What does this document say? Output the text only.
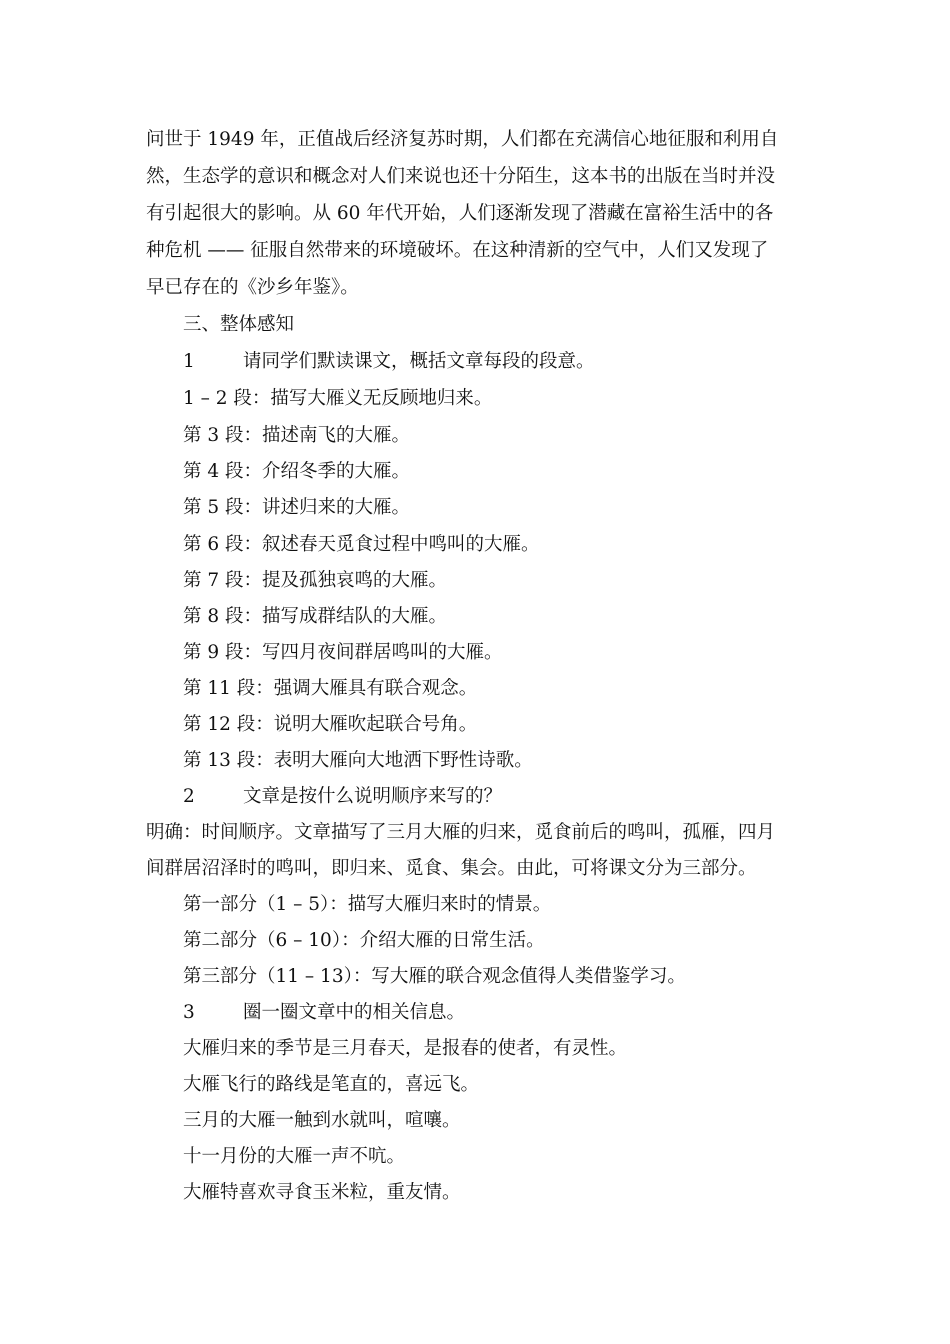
问世于 1949 年，正值战后经济复苏时期，人们都在充满信心地征服和利用自
然，生态学的意识和概念对人们来说也还十分陌生，这本书的出版在当时并没
有引起很大的影响。从 60 年代开始，人们逐渐发现了潜藏在富裕生活中的各
种危机 —— 征服自然带来的环境破坏。在这种清新的空气中，人们又发现了
早已存在的《沙乡年鉴》。
三、整体感知
1	请同学们默读课文，概括文章每段的段意。
1 – 2 段：描写大雁义无反顾地归来。
第 3 段：描述南飞的大雁。
第 4 段：介绍冬季的大雁。
第 5 段：讲述归来的大雁。
第 6 段：叙述春天觅食过程中鸣叫的大雁。
第 7 段：提及孤独哀鸣的大雁。
第 8 段：描写成群结队的大雁。
第 9 段：写四月夜间群居鸣叫的大雁。
第 11 段：强调大雁具有联合观念。
第 12 段：说明大雁吹起联合号角。
第 13 段：表明大雁向大地洒下野性诗歌。
2	文章是按什么说明顺序来写的？
明确：时间顺序。文章描写了三月大雁的归来，觅食前后的鸣叫，孤雁，四月
间群居沼泽时的鸣叫，即归来、觅食、集会。由此，可将课文分为三部分。
第一部分（1 – 5）：描写大雁归来时的情景。
第二部分（6 – 10）：介绍大雁的日常生活。
第三部分（11 – 13）：写大雁的联合观念值得人类借鉴学习。
3	圈一圈文章中的相关信息。
大雁归来的季节是三月春天，是报春的使者，有灵性。
大雁飞行的路线是笔直的，喜远飞。
三月的大雁一触到水就叫，喧嚷。
十一月份的大雁一声不吭。
大雁特喜欢寻食玉米粒，重友情。
